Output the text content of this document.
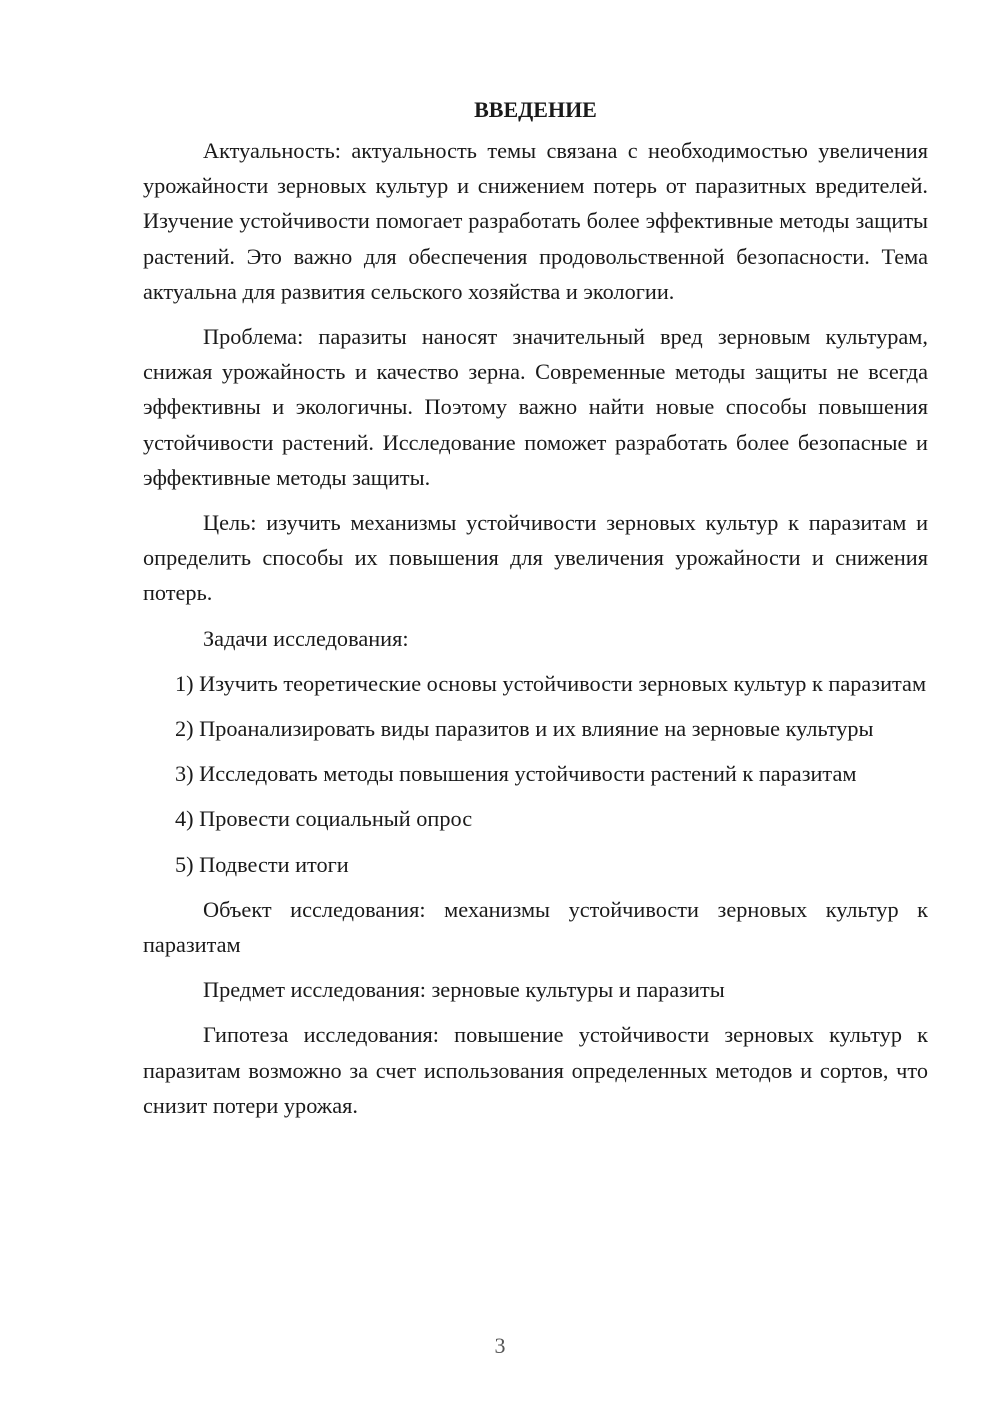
ВВЕДЕНИЕ

Актуальность: актуальность темы связана с необходимостью увеличения урожайности зерновых культур и снижением потерь от паразитных вредителей. Изучение устойчивости помогает разработать более эффективные методы защиты растений. Это важно для обеспечения продовольственной безопасности. Тема актуальна для развития сельского хозяйства и экологии.

Проблема: паразиты наносят значительный вред зерновым культурам, снижая урожайность и качество зерна. Современные методы защиты не всегда эффективны и экологичны. Поэтому важно найти новые способы повышения устойчивости растений. Исследование поможет разработать более безопасные и эффективные методы защиты.

Цель: изучить механизмы устойчивости зерновых культур к паразитам и определить способы их повышения для увеличения урожайности и снижения потерь.

Задачи исследования:

1) Изучить теоретические основы устойчивости зерновых культур к паразитам

2) Проанализировать виды паразитов и их влияние на зерновые культуры

3) Исследовать методы повышения устойчивости растений к паразитам

4) Провести социальный опрос

5) Подвести итоги

Объект исследования: механизмы устойчивости зерновых культур к паразитам

Предмет исследования: зерновые культуры и паразиты

Гипотеза исследования: повышение устойчивости зерновых культур к паразитам возможно за счет использования определенных методов и сортов, что снизит потери урожая.

3
